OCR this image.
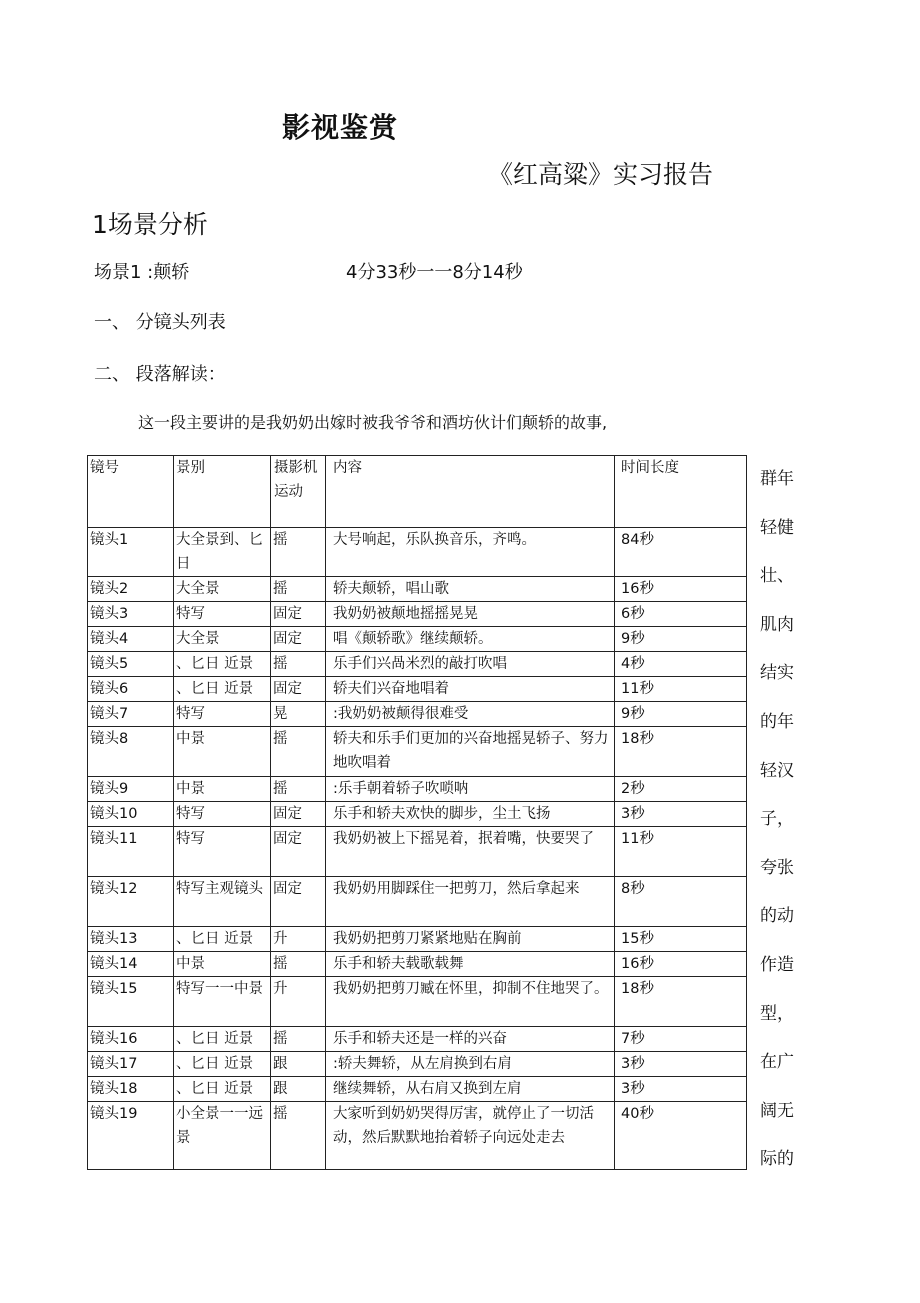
影视鉴赏
《红高粱》实习报告
1场景分析
场景1 :颠轿	4分33秒一一8分14秒
一、 分镜头列表
二、 段落解读：
这一段主要讲的是我奶奶出嫁时被我爷爷和酒坊伙计们颠轿的故事,
镜号	景别	摄影机运动	内容	时间长度
镜头1	大全景到、匕日	摇	大号响起，乐队换音乐，齐鸣。	84秒
镜头2	大全景	摇	轿夫颠轿，唱山歌	16秒
镜头3	特写	固定	我奶奶被颠地摇摇晃晃	6秒
镜头4	大全景	固定	唱《颠轿歌》继续颠轿。	9秒
镜头5	、匕日 近景	摇	乐手们兴咼米烈的敲打吹唱	4秒
镜头6	、匕日 近景	固定	轿夫们兴奋地唱着	11秒
镜头7	特写	晃	:我奶奶被颠得很难受	9秒
镜头8	中景	摇	轿夫和乐手们更加的兴奋地摇晃轿子、努力地吹唱着	18秒
镜头9	中景	摇	:乐手朝着轿子吹唢呐	2秒
镜头10	特写	固定	乐手和轿夫欢快的脚步，尘土飞扬	3秒
镜头11	特写	固定	我奶奶被上下摇晃着，抿着嘴，快要哭了	11秒
镜头12	特写主观镜头	固定	我奶奶用脚踩住一把剪刀，然后拿起来	8秒
镜头13	、匕日 近景	升	我奶奶把剪刀紧紧地贴在胸前	15秒
镜头14	中景	摇	乐手和轿夫载歌载舞	16秒
镜头15	特写一一中景	升	我奶奶把剪刀臧在怀里，抑制不住地哭了。	18秒
镜头16	、匕日 近景	摇	乐手和轿夫还是一样的兴奋	7秒
镜头17	、匕日 近景	跟	:轿夫舞轿，从左肩换到右肩	3秒
镜头18	、匕日 近景	跟	继续舞轿，从右肩又换到左肩	3秒
镜头19	小全景一一远景	摇	大家听到奶奶哭得厉害，就停止了一切活动，然后默默地抬着轿子向远处走去	40秒
群年
轻健
壮、
肌肉
结实
的年
轻汉
子，
夸张
的动
作造
型，
在广
阔无
际的
